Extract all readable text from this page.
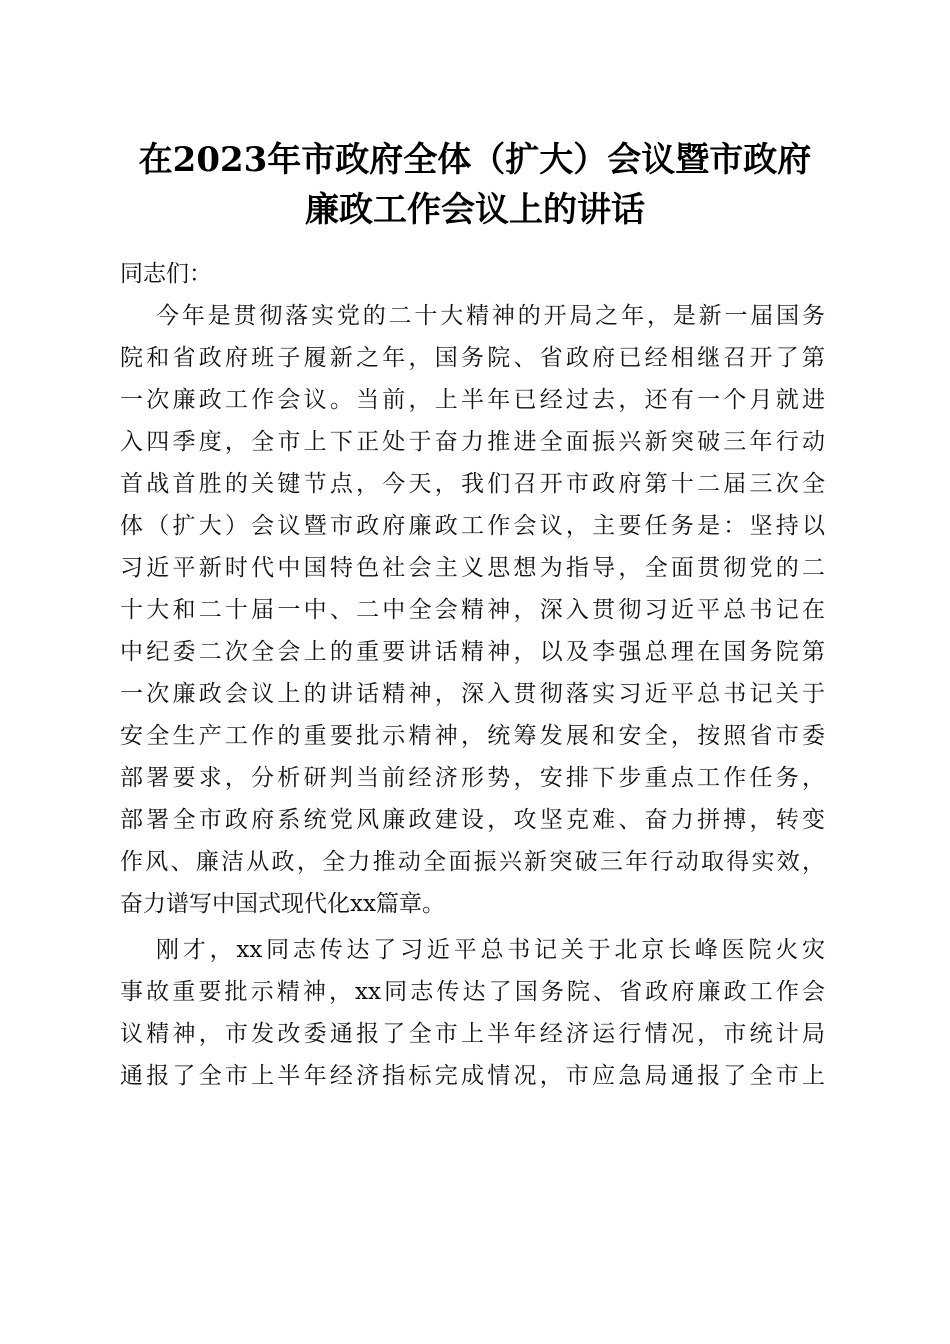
在2023年市政府全体（扩大）会议暨市政府
廉政工作会议上的讲话
同志们：
今年是贯彻落实党的二十大精神的开局之年，是新一届国务
院和省政府班子履新之年，国务院、省政府已经相继召开了第
一次廉政工作会议。当前，上半年已经过去，还有一个月就进
入四季度，全市上下正处于奋力推进全面振兴新突破三年行动
首战首胜的关键节点，今天，我们召开市政府第十二届三次全
体（扩大）会议暨市政府廉政工作会议，主要任务是：坚持以
习近平新时代中国特色社会主义思想为指导，全面贯彻党的二
十大和二十届一中、二中全会精神，深入贯彻习近平总书记在
中纪委二次全会上的重要讲话精神，以及李强总理在国务院第
一次廉政会议上的讲话精神，深入贯彻落实习近平总书记关于
安全生产工作的重要批示精神，统筹发展和安全，按照省市委
部署要求，分析研判当前经济形势，安排下步重点工作任务，
部署全市政府系统党风廉政建设，攻坚克难、奋力拼搏，转变
作风、廉洁从政，全力推动全面振兴新突破三年行动取得实效，
奋力谱写中国式现代化xx篇章。
刚才，xx同志传达了习近平总书记关于北京长峰医院火灾
事故重要批示精神，xx同志传达了国务院、省政府廉政工作会
议精神，市发改委通报了全市上半年经济运行情况，市统计局
通报了全市上半年经济指标完成情况，市应急局通报了全市上
